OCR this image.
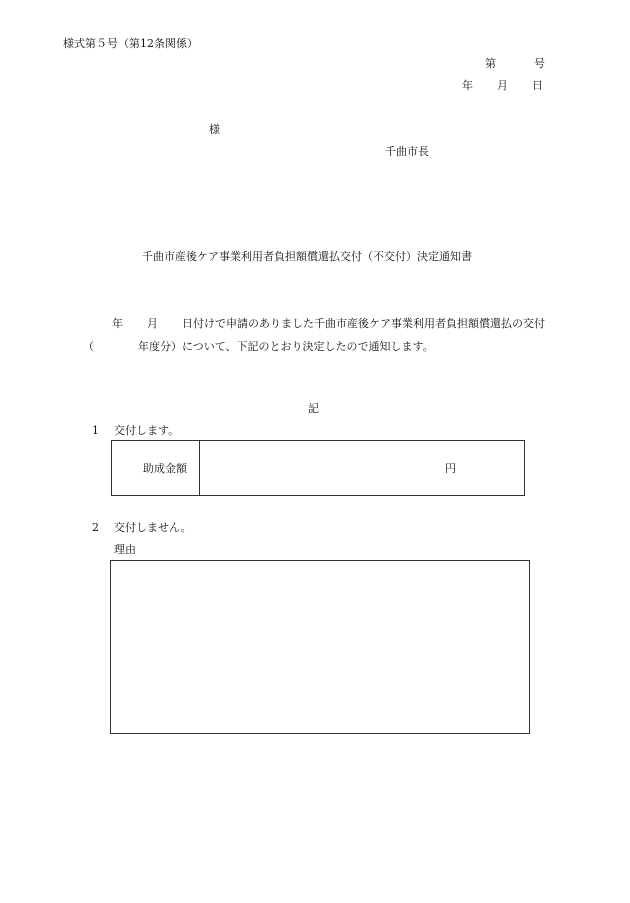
様式第５号（第12条関係）
第	号
年 月 日
様
千曲市長
千曲市産後ケア事業利用者負担額償還払交付（不交付）決定通知書
年 月 日付けで申請のありました千曲市産後ケア事業利用者負担額償還払の交付
（	年度分）について、下記のとおり決定したので通知します。
記
1 交付します。
助成金額	円
2 交付しません。
理由
